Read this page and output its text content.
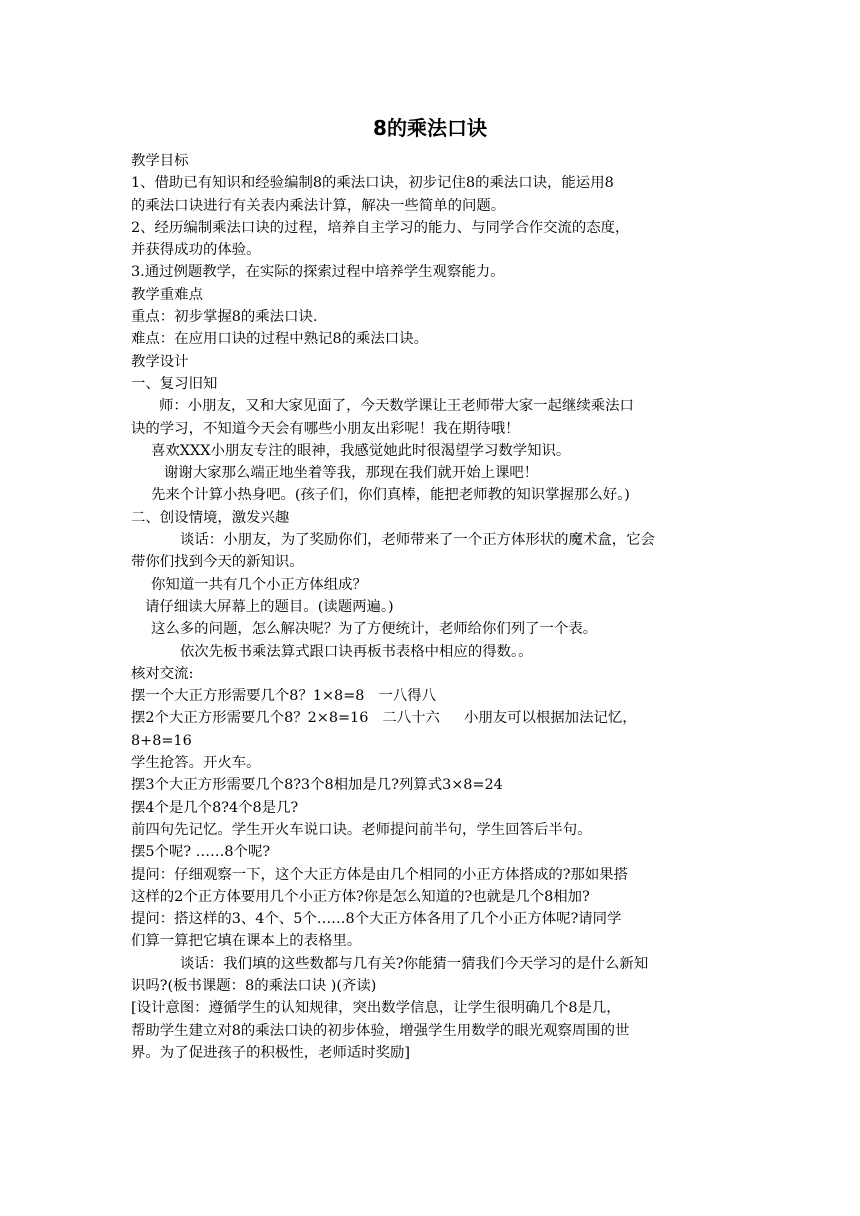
8的乘法口诀
教学目标
1、借助已有知识和经验编制8的乘法口诀，初步记住8的乘法口诀，能运用8
的乘法口诀进行有关表内乘法计算，解决一些简单的问题。
2、经历编制乘法口诀的过程，培养自主学习的能力、与同学合作交流的态度，
并获得成功的体验。
3.通过例题教学，在实际的探索过程中培养学生观察能力。
教学重难点
重点：初步掌握8的乘法口诀.
难点：在应用口诀的过程中熟记8的乘法口诀。
教学设计
一、复习旧知
师：小朋友，又和大家见面了，今天数学课让王老师带大家一起继续乘法口
诀的学习，不知道今天会有哪些小朋友出彩呢！我在期待哦！
喜欢XXX小朋友专注的眼神，我感觉她此时很渴望学习数学知识。
谢谢大家那么端正地坐着等我，那现在我们就开始上课吧！
先来个计算小热身吧。(孩子们，你们真棒，能把老师教的知识掌握那么好。)
二、创设情境，激发兴趣
谈话：小朋友，为了奖励你们，老师带来了一个正方体形状的魔术盒，它会
带你们找到今天的新知识。
你知道一共有几个小正方体组成？
请仔细读大屏幕上的题目。(读题两遍。)
这么多的问题，怎么解决呢？为了方便统计，老师给你们列了一个表。
依次先板书乘法算式跟口诀再板书表格中相应的得数。。
核对交流:
摆一个大正方形需要几个8？1×8=8 一八得八
摆2个大正方形需要几个8？2×8=16 二八十六 小朋友可以根据加法记忆，
8+8=16
学生抢答。开火车。
摆3个大正方形需要几个8?3个8相加是几?列算式3×8=24
摆4个是几个8?4个8是几?
前四句先记忆。学生开火车说口诀。老师提问前半句，学生回答后半句。
摆5个呢? ……8个呢?
提问：仔细观察一下，这个大正方体是由几个相同的小正方体搭成的?那如果搭
这样的2个正方体要用几个小正方体?你是怎么知道的?也就是几个8相加?
提问：搭这样的3、4个、5个……8个大正方体各用了几个小正方体呢?请同学
们算一算把它填在课本上的表格里。
谈话：我们填的这些数都与几有关?你能猜一猜我们今天学习的是什么新知
识吗?(板书课题：8的乘法口诀 )(齐读)
[设计意图：遵循学生的认知规律，突出数学信息，让学生很明确几个8是几，
帮助学生建立对8的乘法口诀的初步体验，增强学生用数学的眼光观察周围的世
界。为了促进孩子的积极性，老师适时奖励]
